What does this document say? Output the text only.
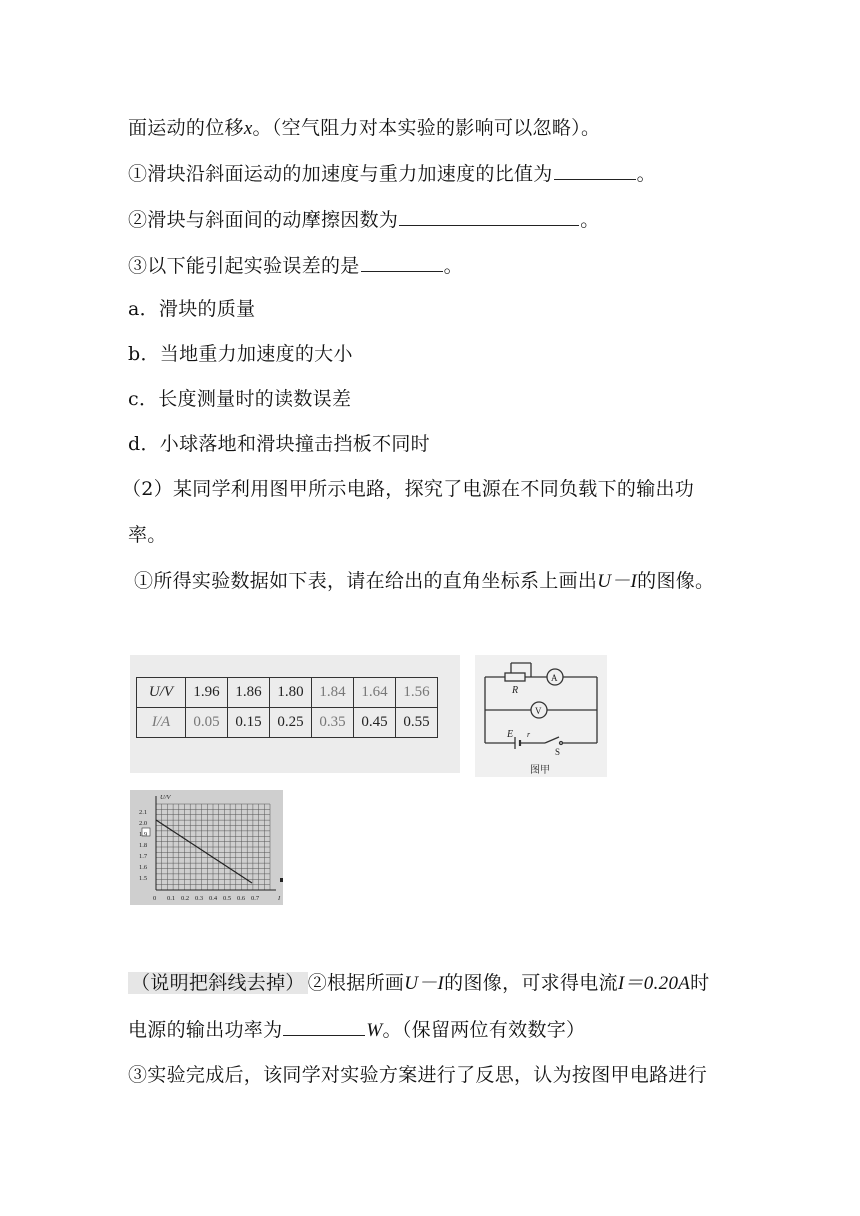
面运动的位移x。（空气阻力对本实验的影响可以忽略）。
①滑块沿斜面运动的加速度与重力加速度的比值为	。
②滑块与斜面间的动摩擦因数为	。
③以下能引起实验误差的是	。
a．滑块的质量
b．当地重力加速度的大小
c．长度测量时的读数误差
d．小球落地和滑块撞击挡板不同时
（2）某同学利用图甲所示电路，探究了电源在不同负载下的输出功
率。
①所得实验数据如下表，请在给出的直角坐标系上画出U－I的图像。
U/V	1.96	1.86	1.80	1.84	1.64	1.56
I/A	0.05	0.15	0.25	0.35	0.45	0.55
R
A
V
E r
S
图甲
U/V
I
2.1
2.0
1.9
1.8
1.7
1.6
1.5
0 0.1 0.2 0.3 0.4 0.5 0.6 0.7
（说明把斜线去掉） ②根据所画U－I的图像，可求得电流I＝0.20A时
电源的输出功率为	W。（保留两位有效数字）
③实验完成后，该同学对实验方案进行了反思，认为按图甲电路进行
